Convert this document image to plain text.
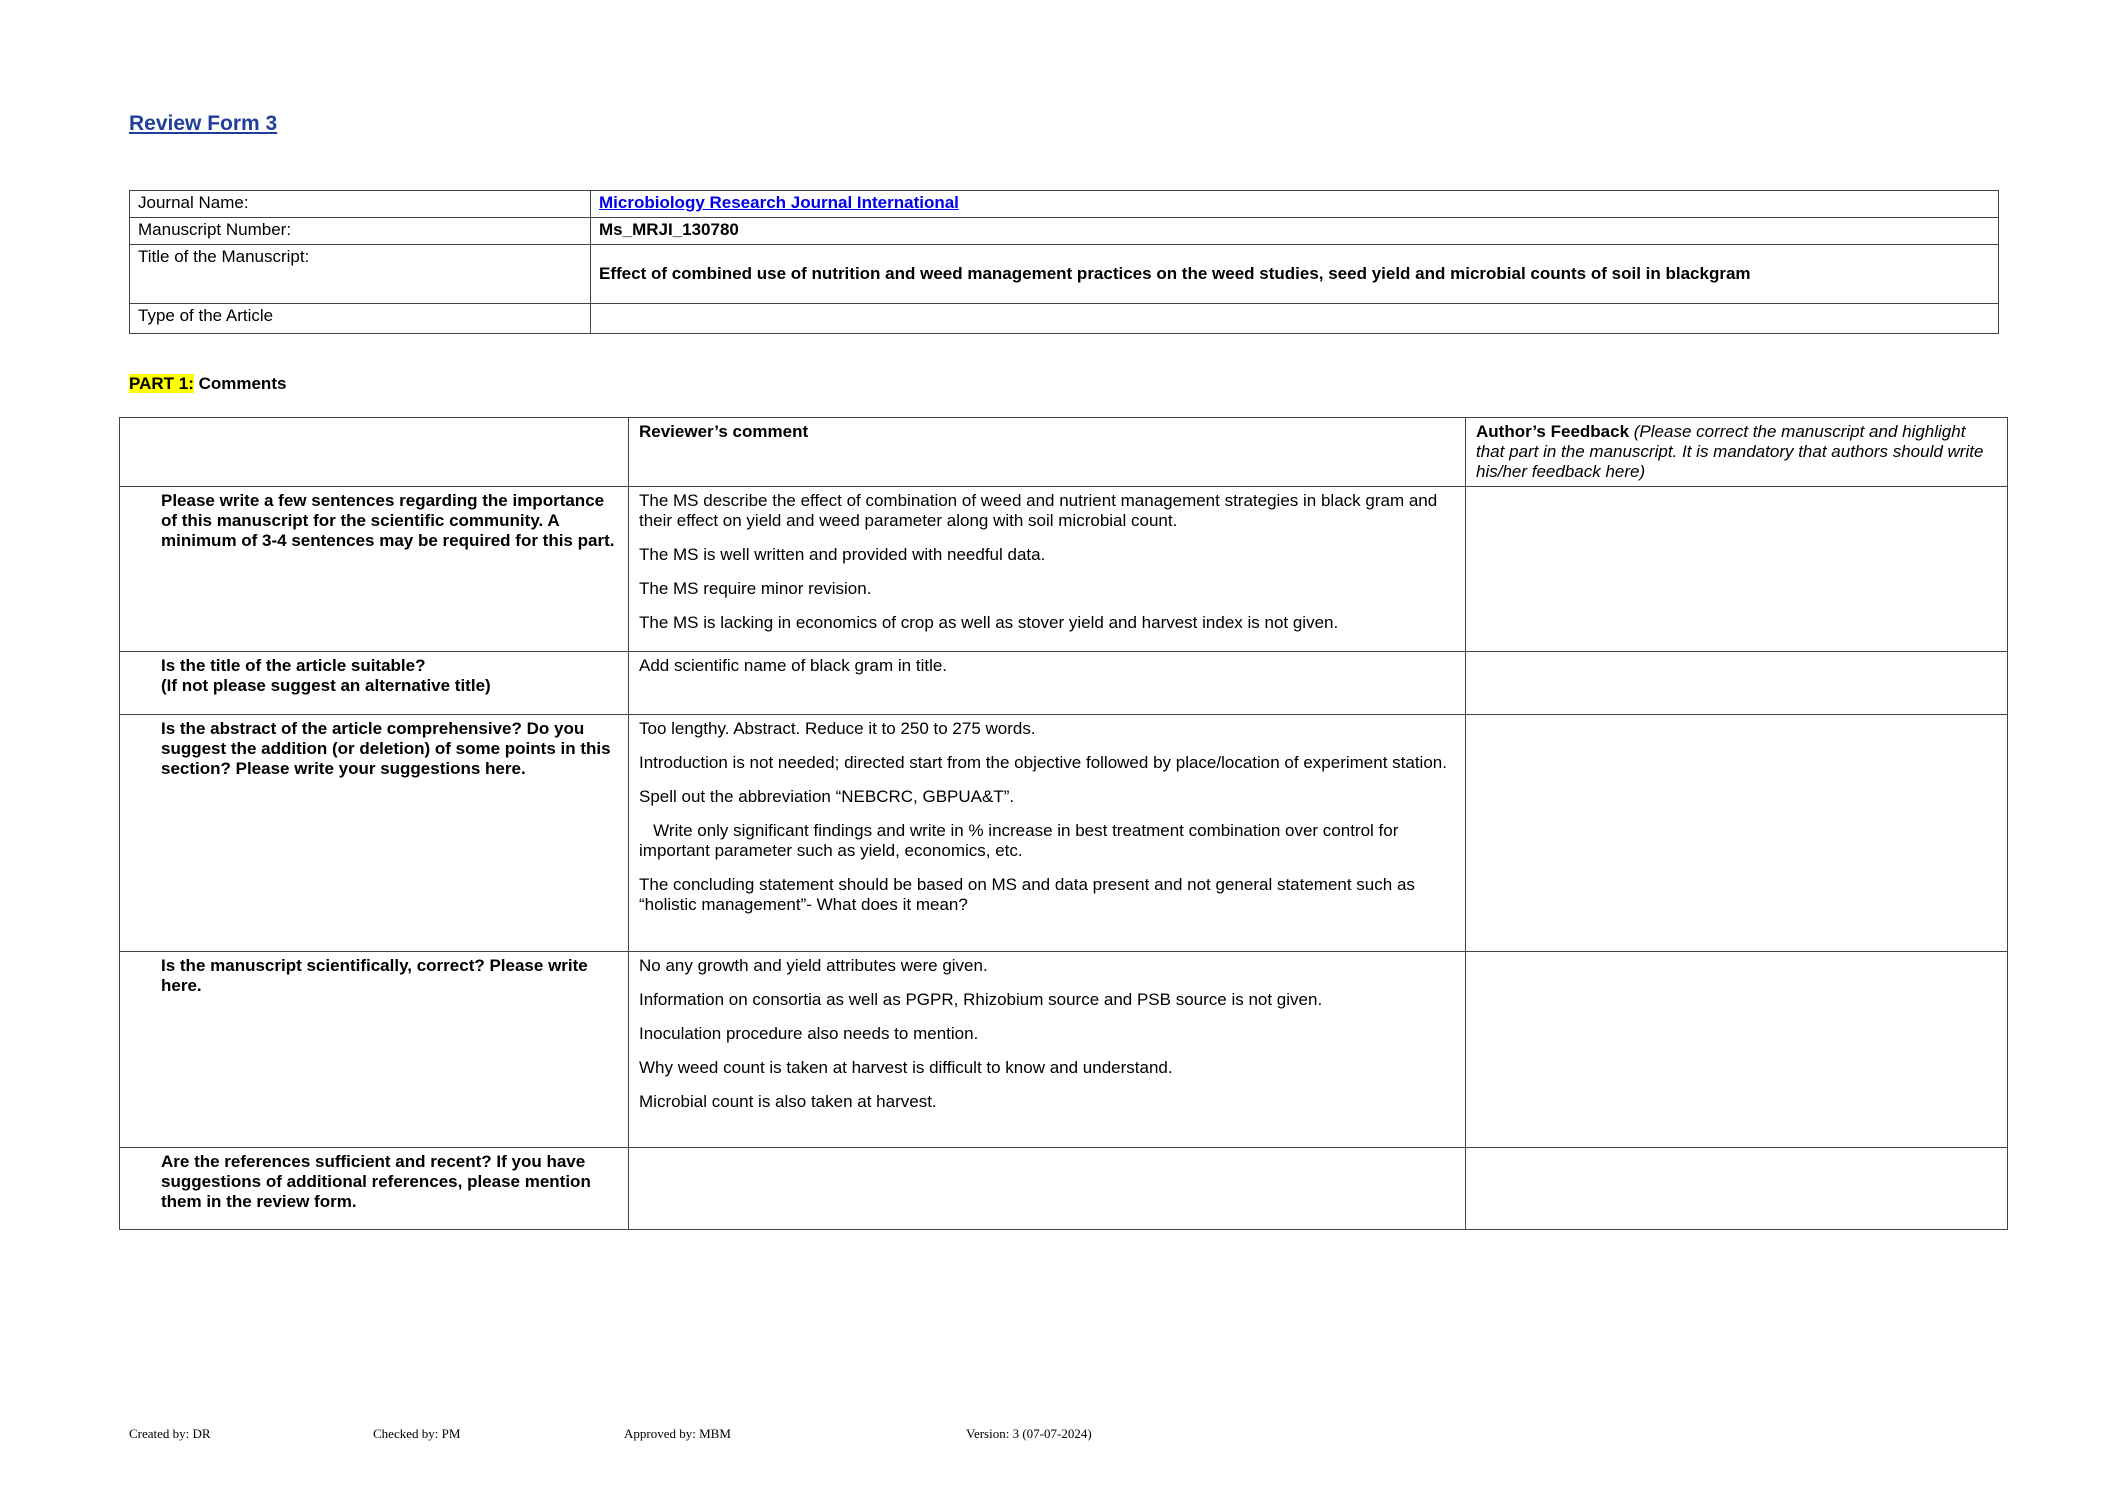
Review Form 3
Journal Name:	Microbiology Research Journal International
Manuscript Number:	Ms_MRJI_130780
Title of the Manuscript:	Effect of combined use of nutrition and weed management practices on the weed studies, seed yield and microbial counts of soil in blackgram
Type of the Article	
PART 1: Comments
	Reviewer’s comment	Author’s Feedback (Please correct the manuscript and highlight that part in the manuscript. It is mandatory that authors should write his/her feedback here)
Please write a few sentences regarding the importance of this manuscript for the scientific community. A minimum of 3-4 sentences may be required for this part.	The MS describe the effect of combination of weed and nutrient management strategies in black gram and their effect on yield and weed parameter along with soil microbial count.

The MS is well written and provided with needful data.

The MS require minor revision.

The MS is lacking in economics of crop as well as stover yield and harvest index is not given.	

Is the title of the article suitable?
(If not please suggest an alternative title)	Add scientific name of black gram in title.	

Is the abstract of the article comprehensive? Do you suggest the addition (or deletion) of some points in this section? Please write your suggestions here.	Too lengthy. Abstract. Reduce it to 250 to 275 words.

Introduction is not needed; directed start from the objective followed by place/location of experiment station.

Spell out the abbreviation “NEBCRC, GBPUA&T”.

Write only significant findings and write in % increase in best treatment combination over control for important parameter such as yield, economics, etc.

The concluding statement should be based on MS and data present and not general statement such as “holistic management”- What does it mean?	

Is the manuscript scientifically, correct? Please write here.	No any growth and yield attributes were given.

Information on consortia as well as PGPR, Rhizobium source and PSB source is not given.

Inoculation procedure also needs to mention.

Why weed count is taken at harvest is difficult to know and understand.

Microbial count is also taken at harvest.	

Are the references sufficient and recent? If you have suggestions of additional references, please mention them in the review form.		
Created by: DR	Checked by: PM	Approved by: MBM	Version: 3 (07-07-2024)
